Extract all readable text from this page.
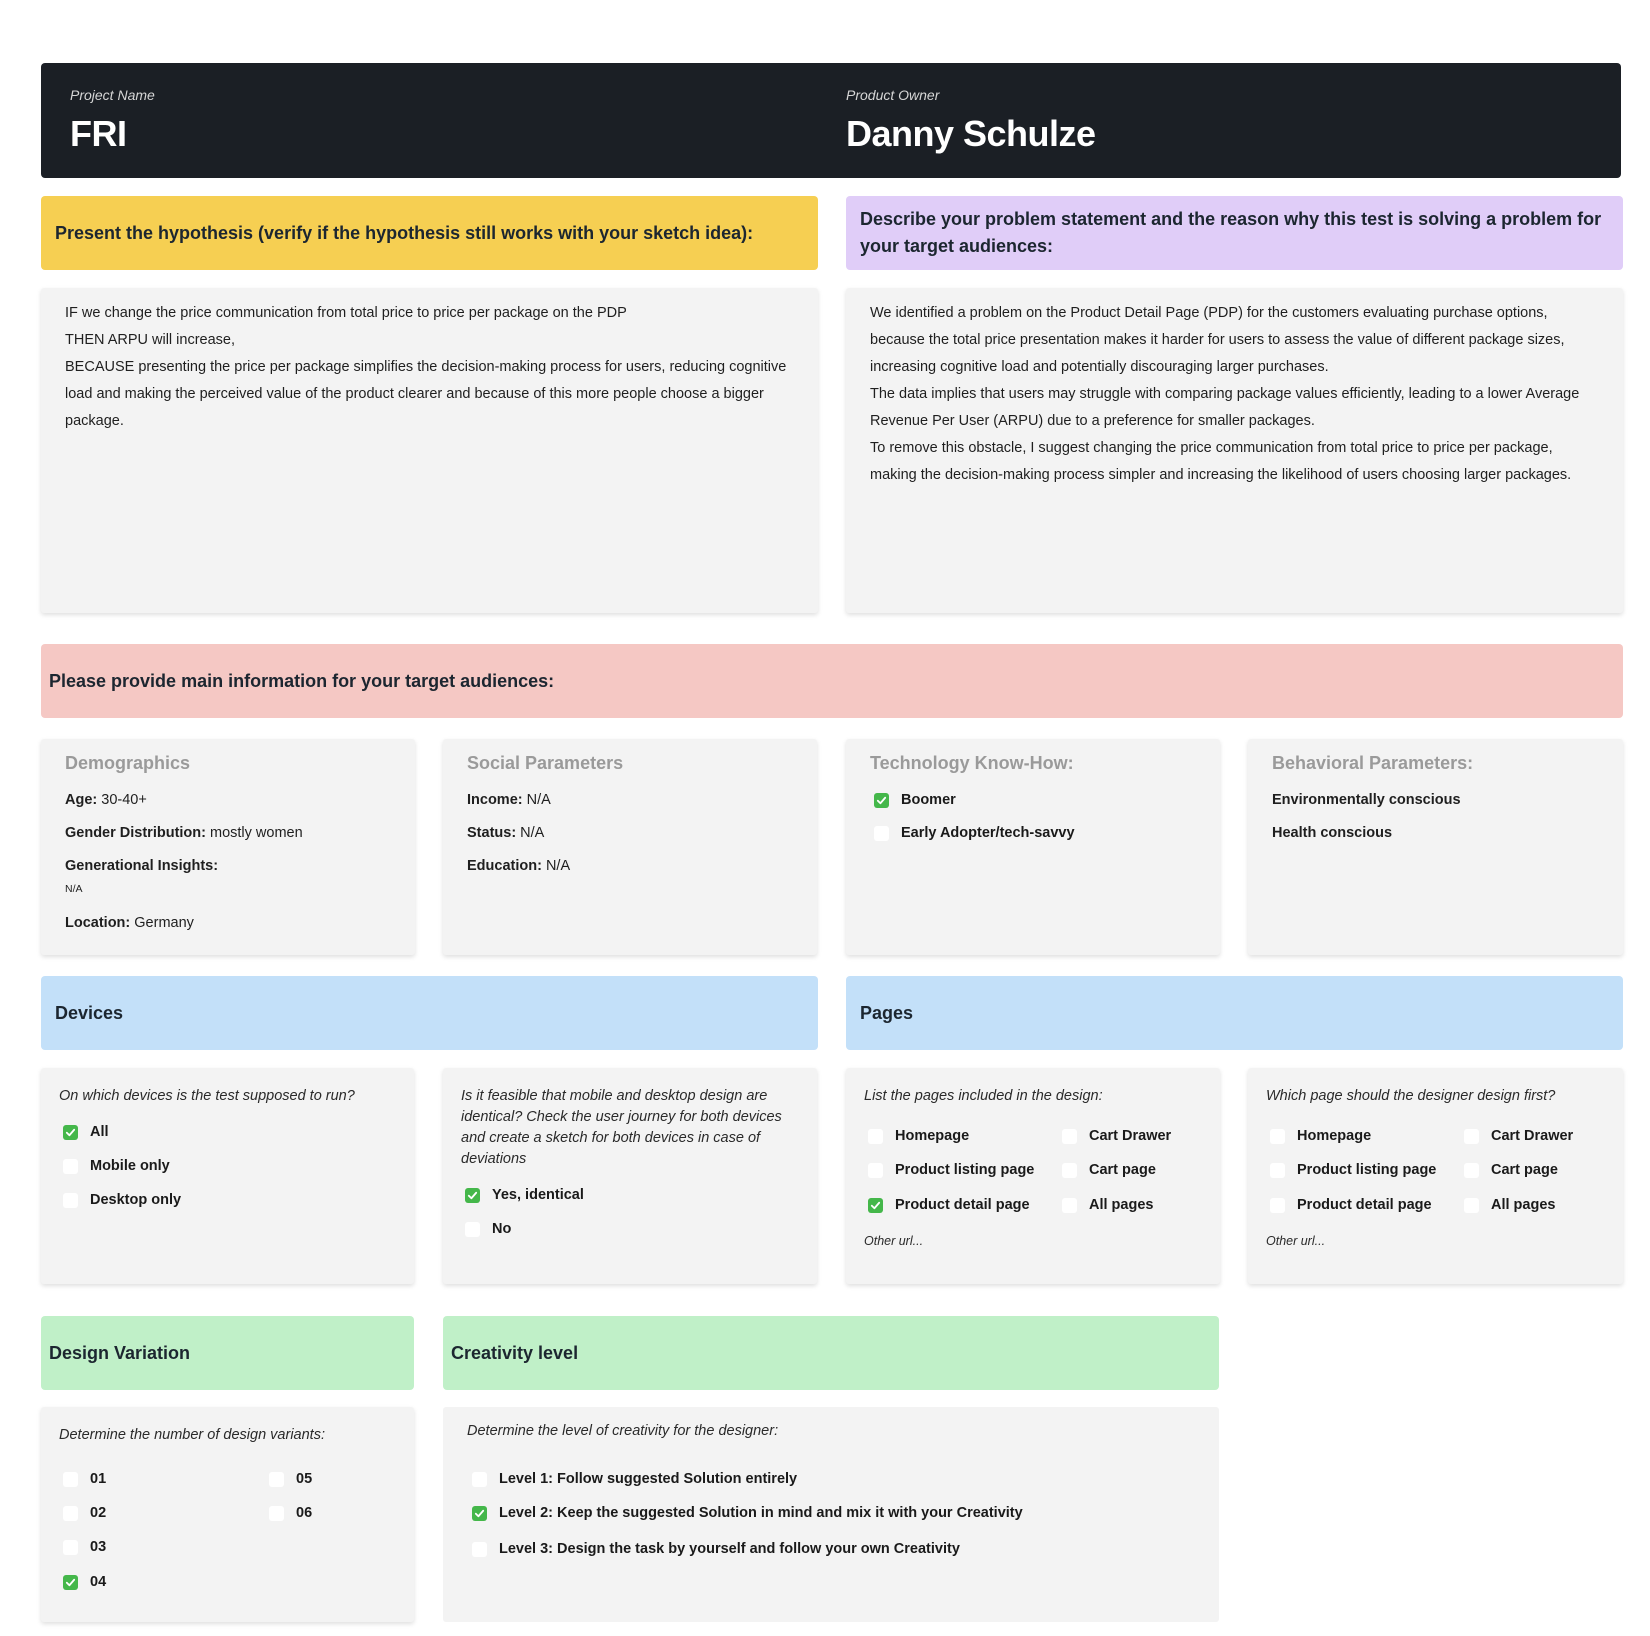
Project Name
FRI
Product Owner
Danny Schulze
Present the hypothesis (verify if the hypothesis still works with your sketch idea):

IF we change the price communication from total price to price per package on the PDP

THEN ARPU will increase,

BECAUSE presenting the price per package simplifies the decision-making process for users, reducing cognitive load and making the perceived value of the product clearer and because of this more people choose a bigger package.

Describe your problem statement and the reason why this test is solving a problem for your target audiences:

We identified a problem on the Product Detail Page (PDP) for the customers evaluating purchase options, because the total price presentation makes it harder for users to assess the value of different package sizes, increasing cognitive load and potentially discouraging larger purchases.

The data implies that users may struggle with comparing package values efficiently, leading to a lower Average Revenue Per User (ARPU) due to a preference for smaller packages.

To remove this obstacle, I suggest changing the price communication from total price to price per package, making the decision-making process simpler and increasing the likelihood of users choosing larger packages.

Please provide main information for your target audiences:
Demographics
Age: 30-40+
Gender Distribution: mostly women
Generational Insights:
N/A
Location: Germany
Social Parameters
Income: N/A
Status: N/A
Education: N/A
Technology Know-How:
Boomer
Early Adopter/tech-savvy
Behavioral Parameters:
Environmentally conscious
Health conscious
Devices
On which devices is the test supposed to run?
All
Mobile only
Desktop only
Is it feasible that mobile and desktop design are identical? Check the user journey for both devices and create a sketch for both devices in case of deviations
Yes, identical
No
Pages
List the pages included in the design:
Homepage
Product listing page
Product detail page
Cart Drawer
Cart page
All pages
Other url...
Which page should the designer design first?
Homepage
Product listing page
Product detail page
Cart Drawer
Cart page
All pages
Other url...
Design Variation
Determine the number of design variants:
01
02
03
04
05
06
Creativity level
Determine the level of creativity for the designer:
Level 1: Follow suggested Solution entirely
Level 2: Keep the suggested Solution in mind and mix it with your Creativity
Level 3: Design the task by yourself and follow your own Creativity
